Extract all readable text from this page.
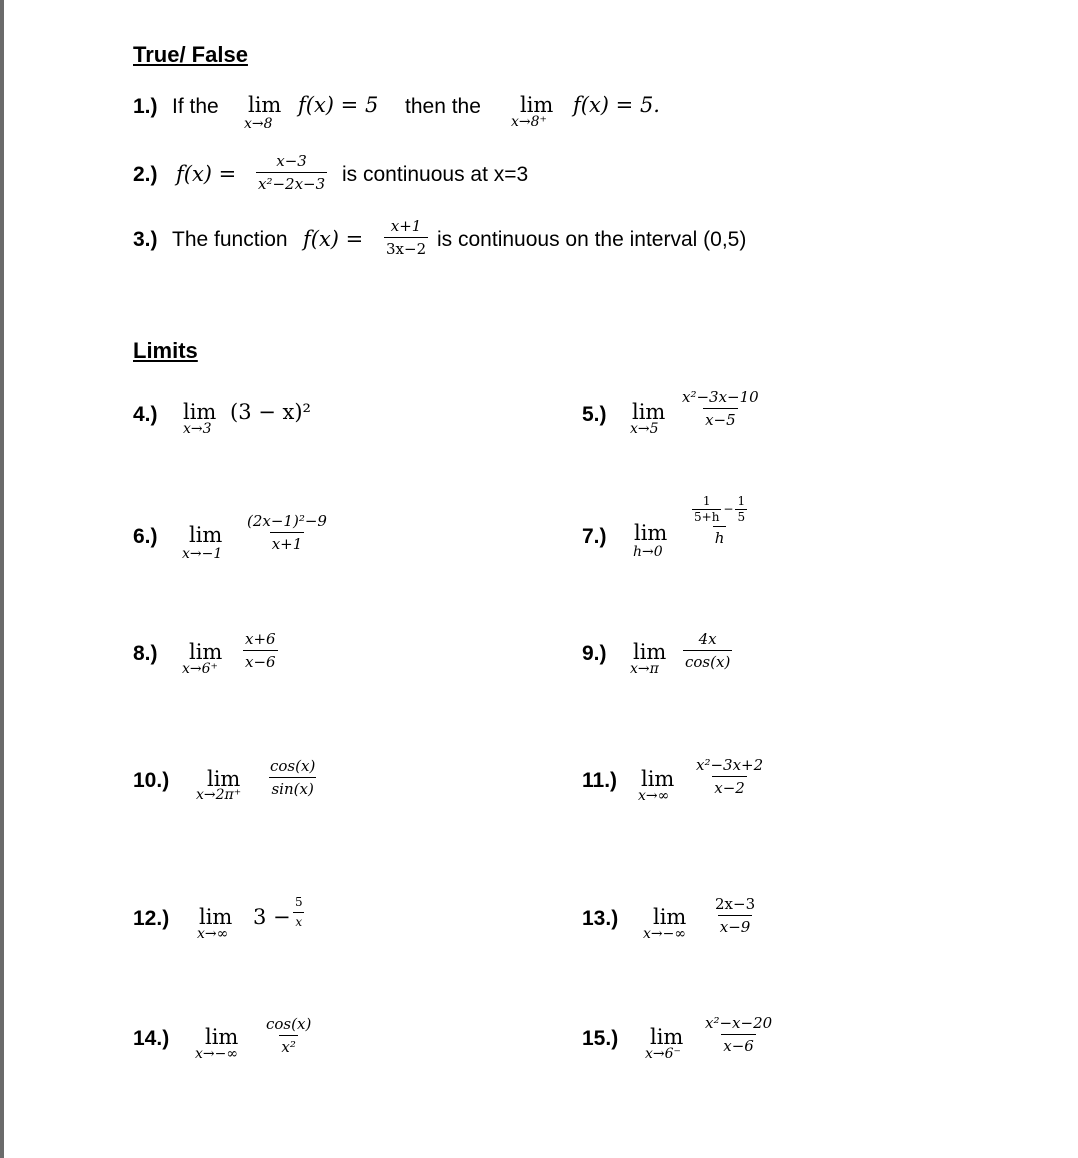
True/ False
1.) If the lim
x→8
f(x) = 5 then the lim
x→8⁺
f(x) = 5.
2.) $f(x) = \frac{x-3}{\text{x²−2x−3}}$ is continuous at x=3
3.) The function $f(x) = \frac{x+1}{3x-2}$ is continuous on the interval (0,5)
Limits
4.) lim
x→3
(3 − x)²	5.) lim
$x\to 5 \frac{\text{x²−3x−10}}{x-5}$
6.) lim
x→−1
$\frac{\text{(2x−1)²−9}}{x+1}$	7.) lim
h→0
$\frac{\frac{1}{5+h} - \frac{1}{5}}{h}$
8.) lim
$x\to 6^+ \frac{x+6}{x-6}$	9.) lim
$x\to\pi \frac{4x}{\cos(x)}$
10.) lim
$x\to 2\pi^+ \frac{\cos(x)}{\sin(x)}$	11.) lim
$x\to\infty \frac{\text{x²−3x+2}}{x-2}$
12.) lim
x→∞
$3 - \frac{5}{x}$	13.) lim
$x\to-\infty \frac{2x-3}{x-9}$
14.) lim
$x\to-\infty \frac{\cos(x)}{\text{x²}}$	15.) lim
$x\to 6^- \frac{\text{x²−x−20}}{x-6}$
